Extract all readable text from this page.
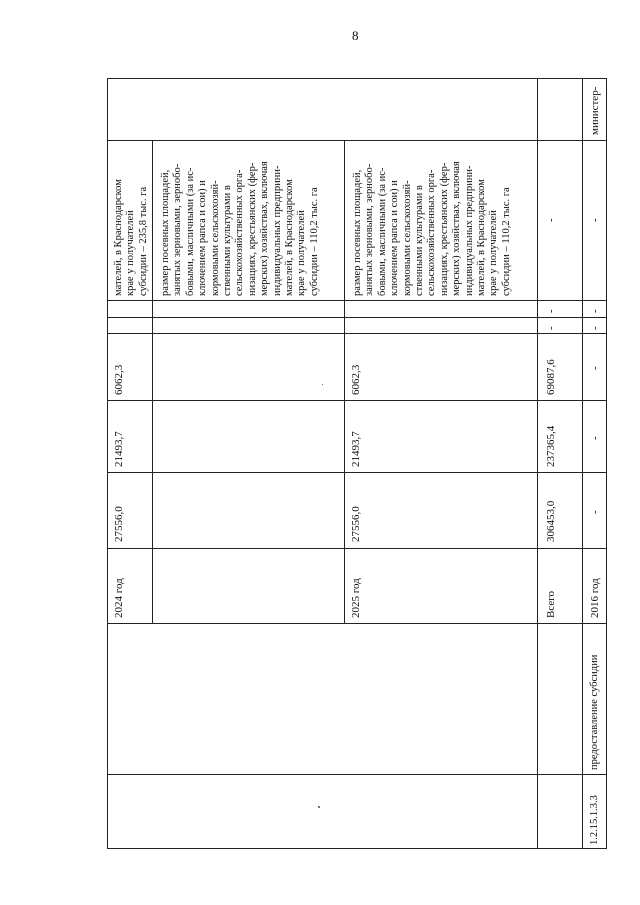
8
1.2.15.1.3.3
предоставление субсидии
мателей, в Краснодарском
крае у получателей
субсидии – 235,8 тыс. га
размер посевных площадей,
занятых зерновыми, зернобо-
бовыми, масличными (за ис-
ключением рапса и сои) и
кормовыми сельскохозяй-
ственными культурами в
сельскохозяйственных орга-
низациях, крестьянских (фер-
мерских) хозяйствах, включая
индивидуальных предприни-
мателей, в Краснодарском
крае у получателей
субсидии – 110,2 тыс. га
2024 год
27556,0
21493,7
6062,3
размер посевных площадей,
занятых зерновыми, зернобо-
бовыми, масличными (за ис-
ключением рапса и сои) и
кормовыми сельскохозяй-
ственными культурами в
сельскохозяйственных орга-
низациях, крестьянских (фер-
мерских) хозяйствах, включая
индивидуальных предприни-
мателей, в Краснодарском
крае у получателей
субсидии – 110,2 тыс. га
2025 год
27556,0
21493,7
6062,3
Всего
306453,0
237365,4
69087,6
-
-
-
2016 год
-
-
-
-
-
-
министер-
